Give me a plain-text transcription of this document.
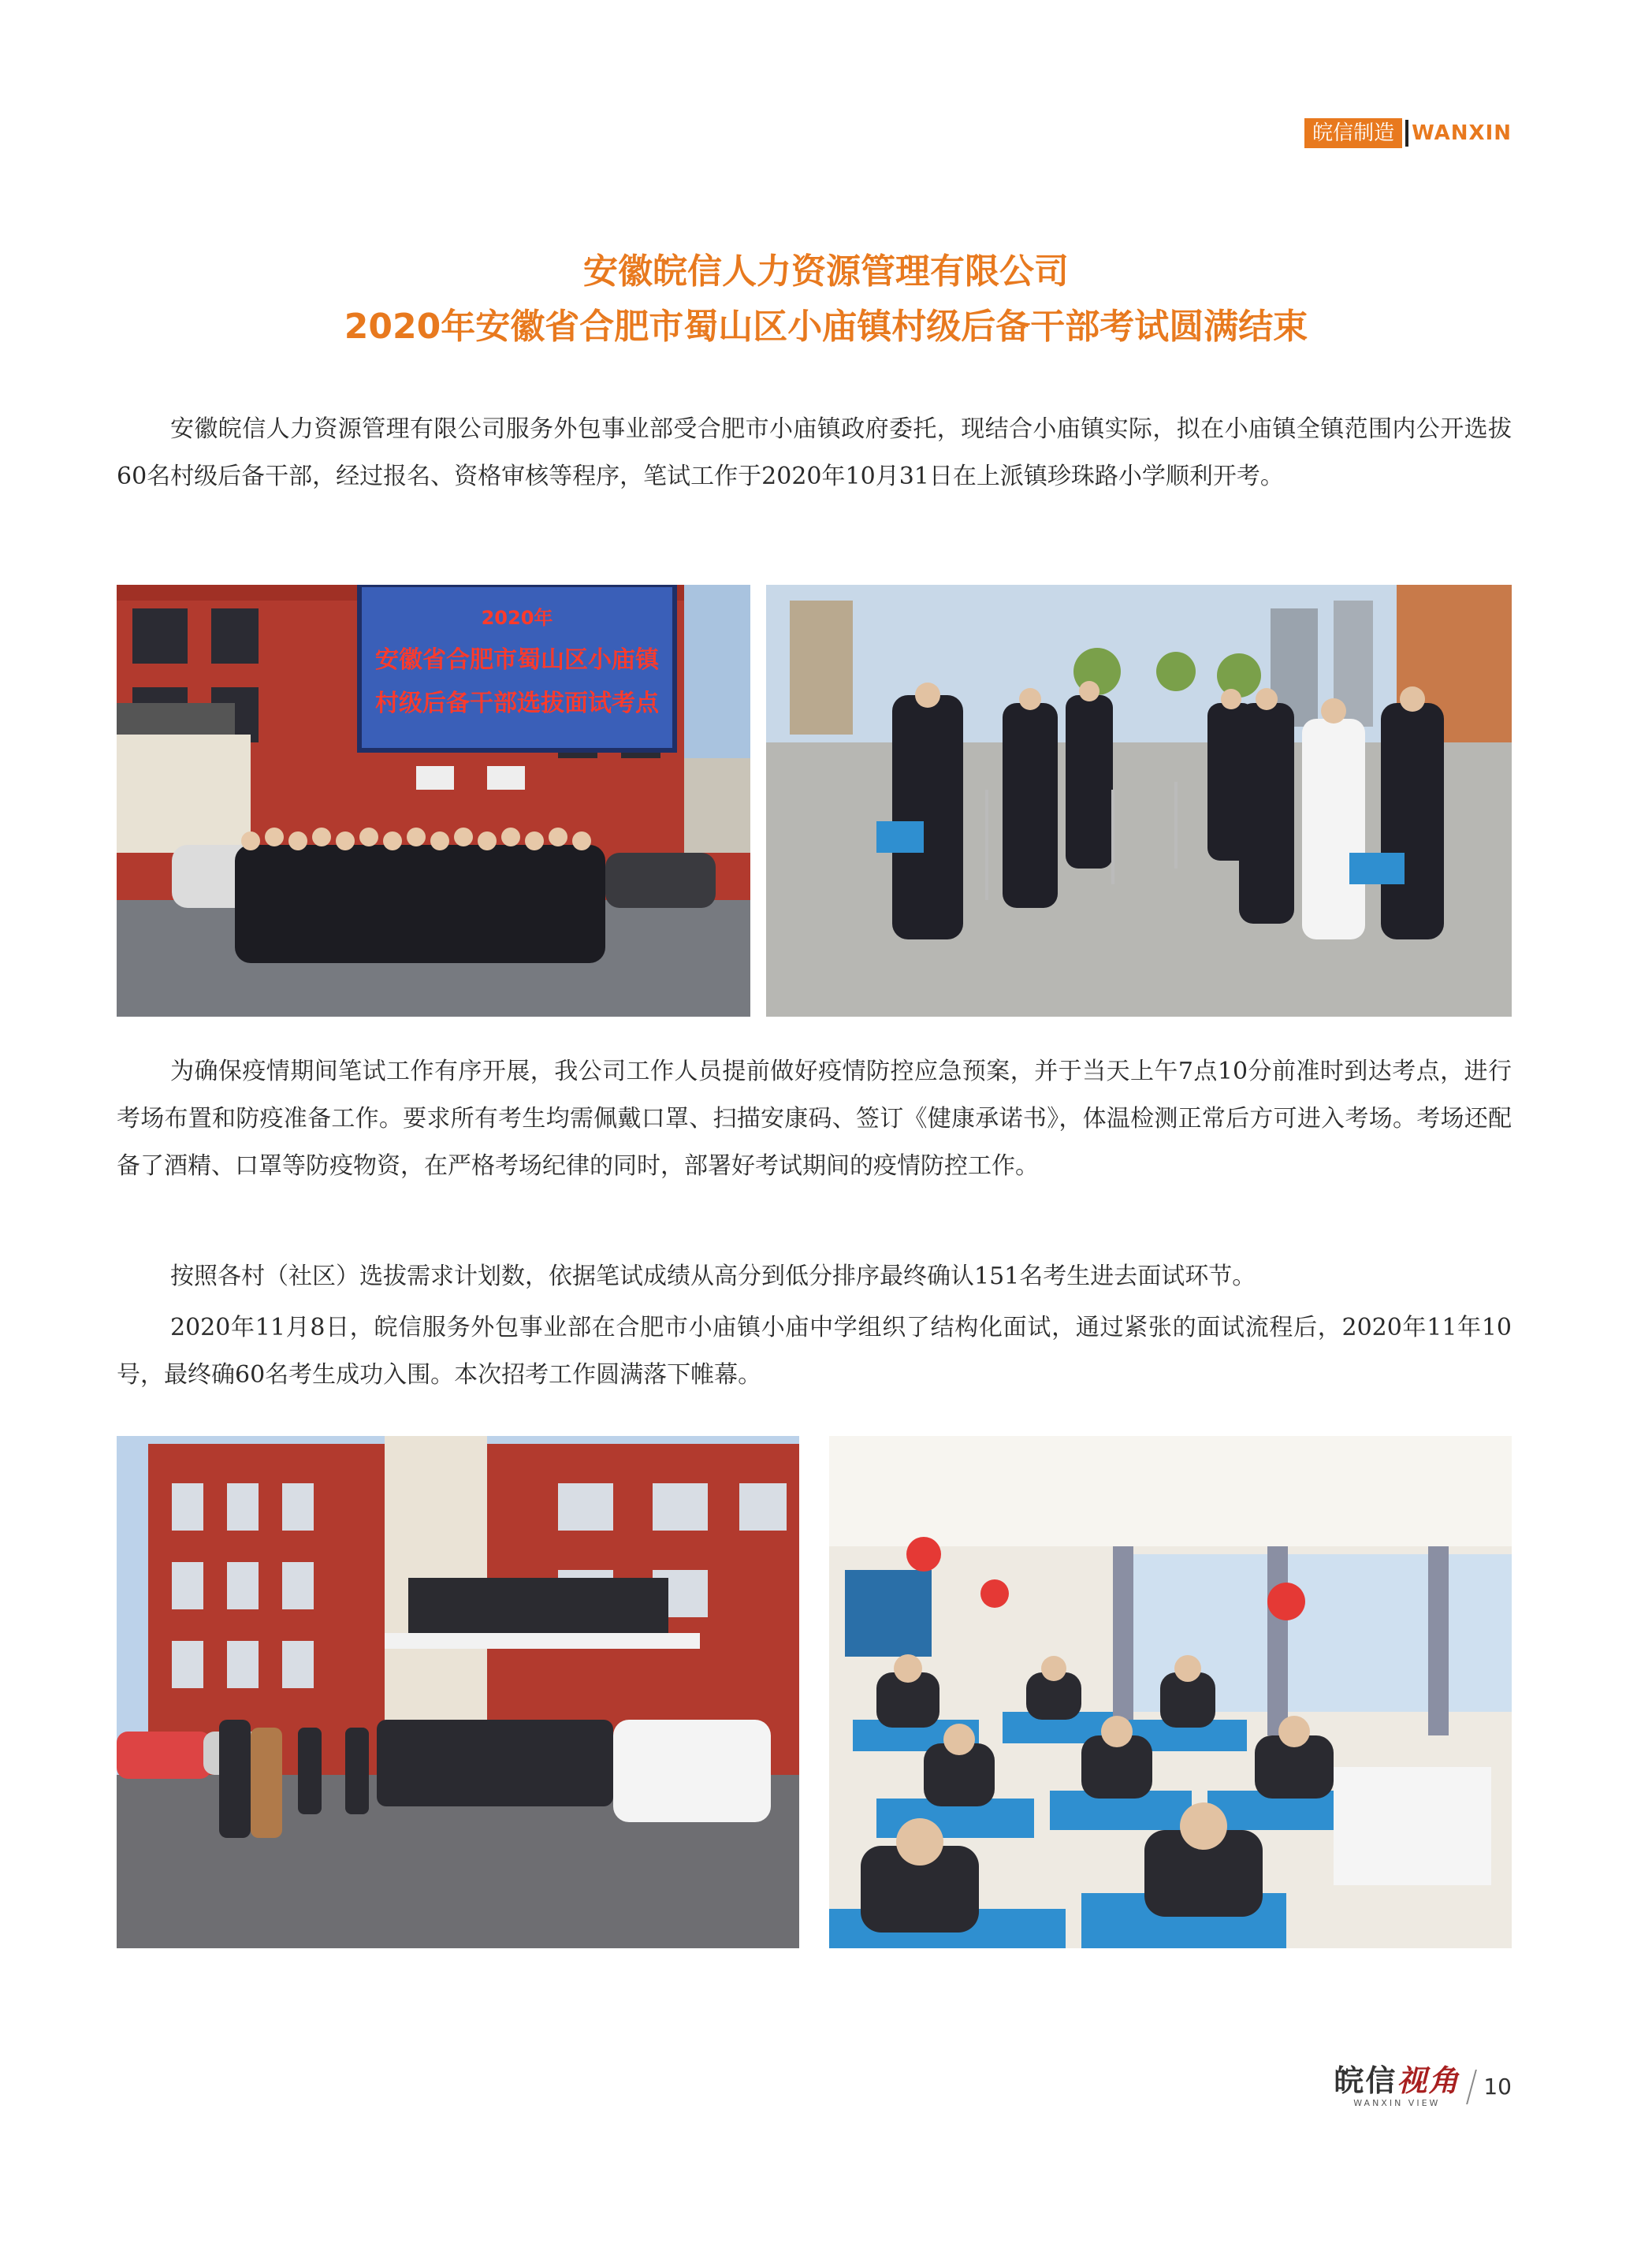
皖信制造 WANXIN
安徽皖信人力资源管理有限公司
2020年安徽省合肥市蜀山区小庙镇村级后备干部考试圆满结束
安徽皖信人力资源管理有限公司服务外包事业部受合肥市小庙镇政府委托，现结合小庙镇实际，拟在小庙镇全镇范围内公开选拔60名村级后备干部，经过报名、资格审核等程序，笔试工作于2020年10月31日在上派镇珍珠路小学顺利开考。
2020年
安徽省合肥市蜀山区小庙镇
村级后备干部选拔面试考点
为确保疫情期间笔试工作有序开展，我公司工作人员提前做好疫情防控应急预案，并于当天上午7点10分前准时到达考点，进行考场布置和防疫准备工作。要求所有考生均需佩戴口罩、扫描安康码、签订《健康承诺书》，体温检测正常后方可进入考场。考场还配备了酒精、口罩等防疫物资，在严格考场纪律的同时，部署好考试期间的疫情防控工作。
按照各村（社区）选拔需求计划数，依据笔试成绩从高分到低分排序最终确认151名考生进去面试环节。
2020年11月8日，皖信服务外包事业部在合肥市小庙镇小庙中学组织了结构化面试，通过紧张的面试流程后，2020年11年10号，最终确60名考生成功入围。本次招考工作圆满落下帷幕。
皖信视角
WANXIN VIEW
10
